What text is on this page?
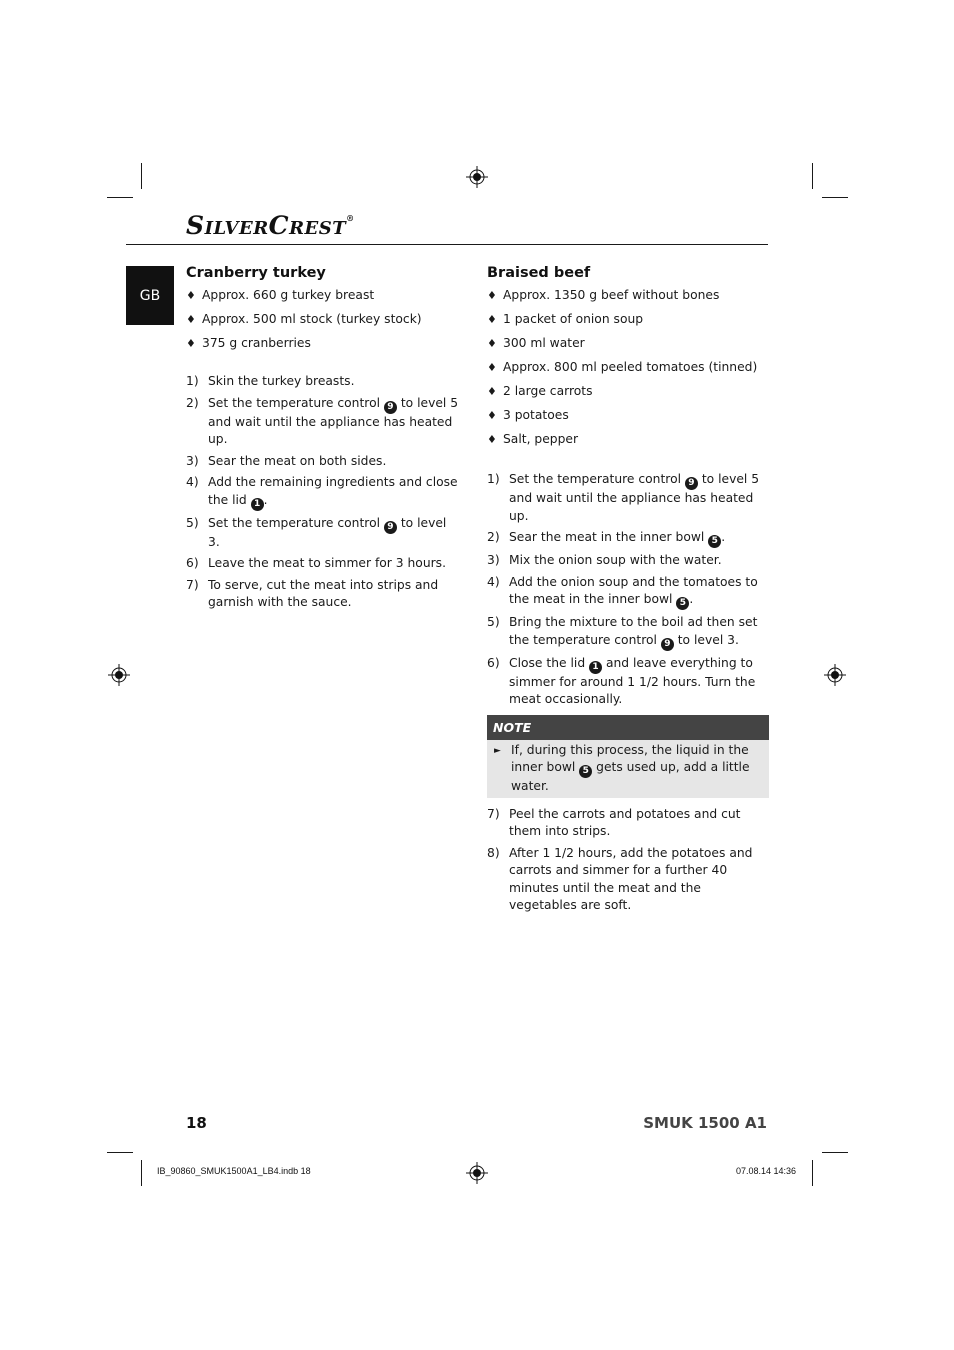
SILVERCREST®
GB
Cranberry turkey
♦ Approx. 660 g turkey breast
♦ Approx. 500 ml stock (turkey stock)
♦ 375 g cranberries
1) Skin the turkey breasts.
2) Set the temperature control 9 to level 5 and wait until the appliance has heated up.
3) Sear the meat on both sides.
4) Add the remaining ingredients and close the lid 1 .
5) Set the temperature control 9 to level 3.
6) Leave the meat to simmer for 3 hours.
7) To serve, cut the meat into strips and garnish with the sauce.
Braised beef
♦ Approx. 1350 g beef without bones
♦ 1 packet of onion soup
♦ 300 ml water
♦ Approx. 800 ml peeled tomatoes (tinned)
♦ 2 large carrots
♦ 3 potatoes
♦ Salt, pepper
1) Set the temperature control 9 to level 5 and wait until the appliance has heated up.
2) Sear the meat in the inner bowl 5 .
3) Mix the onion soup with the water.
4) Add the onion soup and the tomatoes to the meat in the inner bowl 5 .
5) Bring the mixture to the boil ad then set the temperature control 9 to level 3.
6) Close the lid 1 and leave everything to simmer for around 1 1/2 hours. Turn the meat occasionally.
NOTE
► If, during this process, the liquid in the inner bowl 5 gets used up, add a little water.
7) Peel the carrots and potatoes and cut them into strips.
8) After 1 1/2 hours, add the potatoes and carrots and simmer for a further 40 minutes until the meat and the vegetables are soft.
18	SMUK 1500 A1
IB_90860_SMUK1500A1_LB4.indb 18	07.08.14 14:36
